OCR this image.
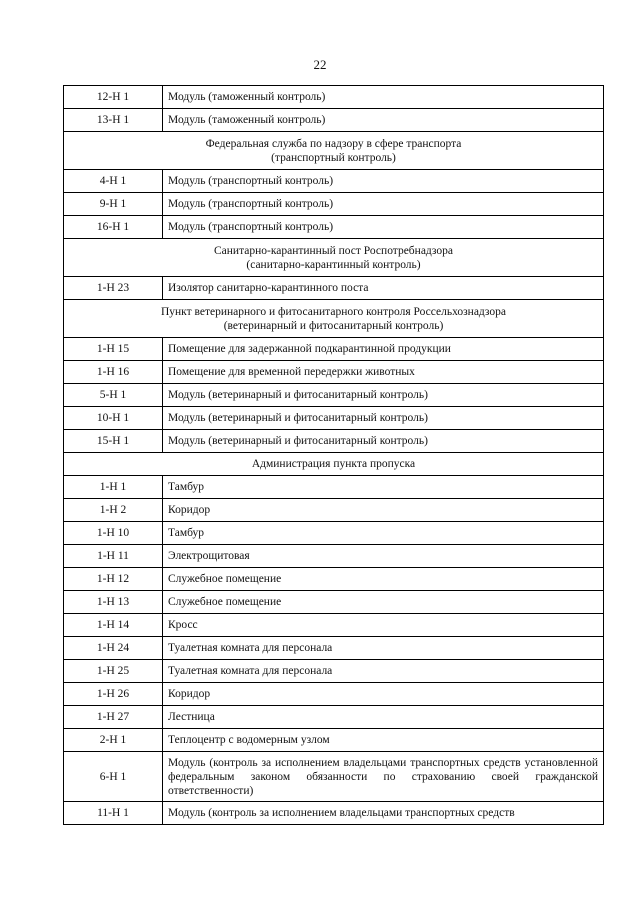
22
12-Н 1	Модуль (таможенный контроль)
13-Н 1	Модуль (таможенный контроль)

Федеральная служба по надзору в сфере транспорта
(транспортный контроль)	

4-Н 1	Модуль (транспортный контроль)
9-Н 1	Модуль (транспортный контроль)
16-Н 1	Модуль (транспортный контроль)

Санитарно-карантинный пост Роспотребнадзора
(санитарно-карантинный контроль)	

1-Н 23	Изолятор санитарно-карантинного поста

Пункт ветеринарного и фитосанитарного контроля Россельхознадзора
(ветеринарный и фитосанитарный контроль)	

1-Н 15	Помещение для задержанной подкарантинной продукции
1-Н 16	Помещение для временной передержки животных
5-Н 1	Модуль (ветеринарный и фитосанитарный контроль)
10-Н 1	Модуль (ветеринарный и фитосанитарный контроль)
15-Н 1	Модуль (ветеринарный и фитосанитарный контроль)

Администрация пункта пропуска	

1-Н 1	Тамбур
1-Н 2	Коридор
1-Н 10	Тамбур
1-Н 11	Электрощитовая
1-Н 12	Служебное помещение
1-Н 13	Служебное помещение
1-Н 14	Кросс
1-Н 24	Туалетная комната для персонала
1-Н 25	Туалетная комната для персонала
1-Н 26	Коридор
1-Н 27	Лестница
2-Н 1	Теплоцентр с водомерным узлом
6-Н 1	Модуль (контроль за исполнением владельцами транспортных средств установленной федеральным законом обязанности по страхованию своей гражданской ответственности)
11-Н 1	Модуль (контроль за исполнением владельцами транспортных средств
